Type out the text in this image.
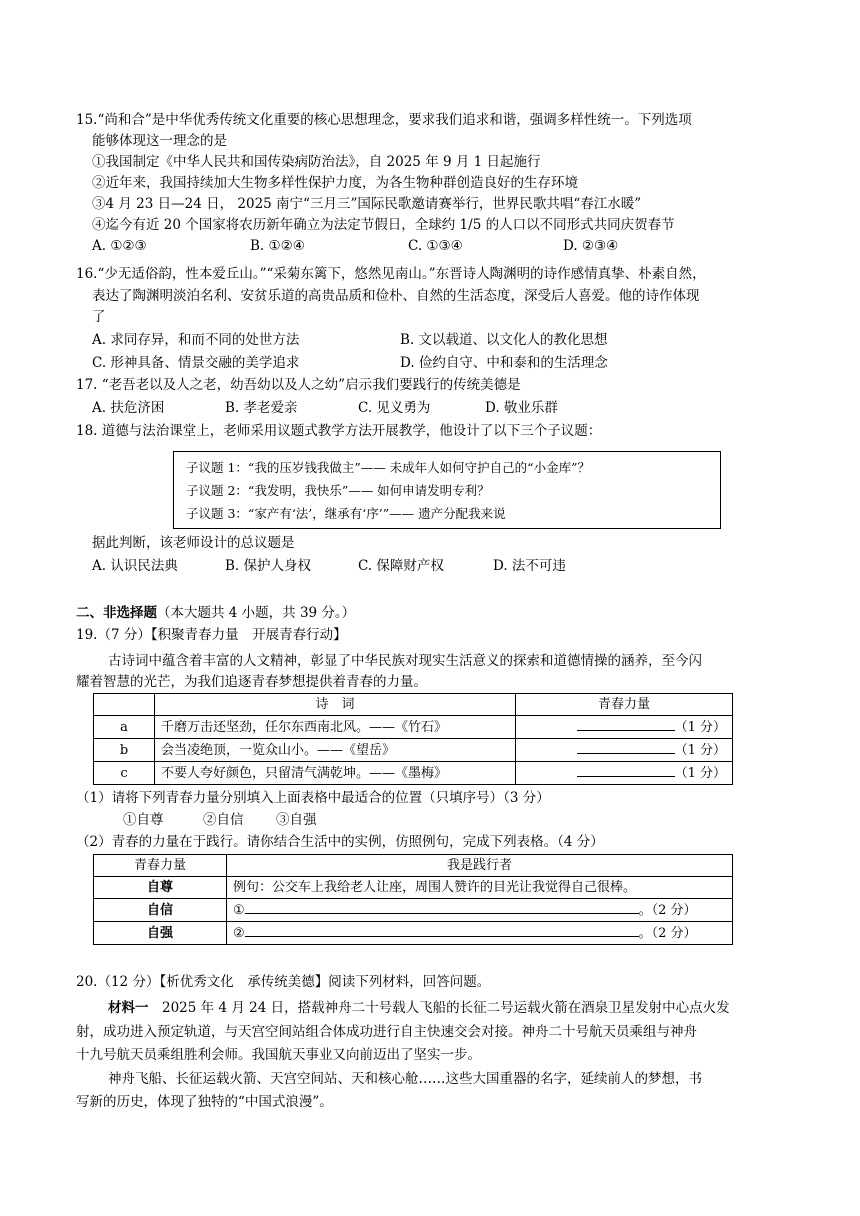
15.“尚和合”是中华优秀传统文化重要的核心思想理念，要求我们追求和谐，强调多样性统一。下列选项
能够体现这一理念的是
①我国制定《中华人民共和国传染病防治法》，自 2025 年 9 月 1 日起施行
②近年来，我国持续加大生物多样性保护力度，为各生物种群创造良好的生存环境
③4 月 23 日—24 日， 2025 南宁“三月三”国际民歌邀请赛举行，世界民歌共唱“春江水暖”
④迄今有近 20 个国家将农历新年确立为法定节假日，全球约 1/5 的人口以不同形式共同庆贺春节
A. ①②③	B. ①②④	C. ①③④	D. ②③④
16.“少无适俗韵，性本爱丘山。”“采菊东篱下，悠然见南山。”东晋诗人陶渊明的诗作感情真挚、朴素自然，
表达了陶渊明淡泊名利、安贫乐道的高贵品质和俭朴、自然的生活态度，深受后人喜爱。他的诗作体现
了
A. 求同存异，和而不同的处世方法	B. 文以载道、以文化人的教化思想
C. 形神具备、情景交融的美学追求	D. 俭约自守、中和泰和的生活理念
17. “老吾老以及人之老，幼吾幼以及人之幼”启示我们要践行的传统美德是
A. 扶危济困	B. 孝老爱亲	C. 见义勇为	D. 敬业乐群
18. 道德与法治课堂上，老师采用议题式教学方法开展教学，他设计了以下三个子议题：
子议题 1：“我的压岁钱我做主”—— 未成年人如何守护自己的“小金库”？
子议题 2：“我发明，我快乐”—— 如何申请发明专利？
子议题 3：“家产有‘法’，继承有‘序’”—— 遗产分配我来说
据此判断，该老师设计的总议题是
A. 认识民法典	B. 保护人身权	C. 保障财产权	D. 法不可违
二、非选择题（本大题共 4 小题，共 39 分。）
19.（7 分）【积聚青春力量　开展青春行动】
古诗词中蕴含着丰富的人文精神，彰显了中华民族对现实生活意义的探索和道德情操的涵养，至今闪
耀着智慧的光芒，为我们追逐青春梦想提供着青春的力量。
	诗　词	青春力量
a	千磨万击还坚劲，任尔东西南北风。——《竹石》	（1 分）
b	会当凌绝顶，一览众山小。——《望岳》	（1 分）
c	不要人夸好颜色，只留清气满乾坤。——《墨梅》	（1 分）
（1）请将下列青春力量分别填入上面表格中最适合的位置（只填序号）（3 分）
①自尊	②自信 ③自强
（2）青春的力量在于践行。请你结合生活中的实例，仿照例句，完成下列表格。（4 分）
青春力量	我是践行者
自尊	例句：公交车上我给老人让座，周围人赞许的目光让我觉得自己很棒。
自信	① 。（2 分）
自强	② 。（2 分）
20.（12 分）【析优秀文化　承传统美德】阅读下列材料，回答问题。
材料一　2025 年 4 月 24 日，搭载神舟二十号载人飞船的长征二号运载火箭在酒泉卫星发射中心点火发
射，成功进入预定轨道，与天宫空间站组合体成功进行自主快速交会对接。神舟二十号航天员乘组与神舟
十九号航天员乘组胜利会师。我国航天事业又向前迈出了坚实一步。
神舟飞船、长征运载火箭、天宫空间站、天和核心舱……这些大国重器的名字，延续前人的梦想，书
写新的历史，体现了独特的“中国式浪漫”。
